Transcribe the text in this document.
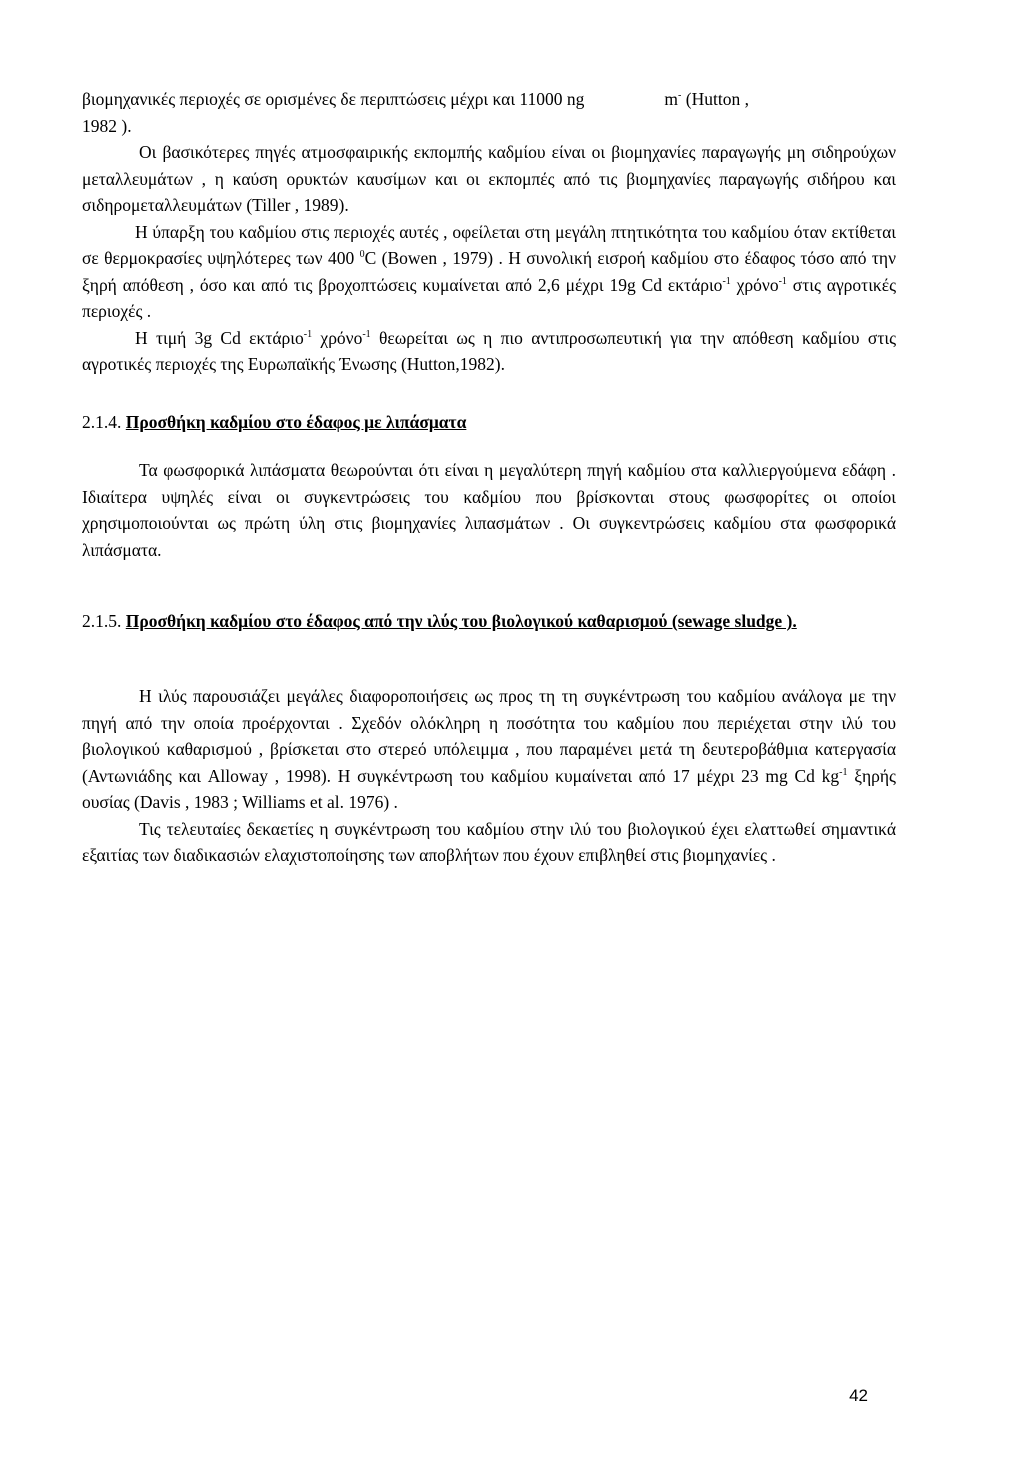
βιομηχανικές περιοχές σε ορισμένες δε περιπτώσεις μέχρι και 11000 ng	m- (Hutton ,

1982 ).

Οι βασικότερες πηγές ατμοσφαιρικής εκπομπής καδμίου είναι οι βιομηχανίες παραγωγής μη σιδηρούχων μεταλλευμάτων , η καύση ορυκτών καυσίμων και οι εκπομπές από τις βιομηχανίες παραγωγής σιδήρου και σιδηρομεταλλευμάτων (Tiller , 1989).

Η ύπαρξη του καδμίου στις περιοχές αυτές , οφείλεται στη μεγάλη πτητικότητα του καδμίου όταν εκτίθεται σε θερμοκρασίες υψηλότερες των 400 $^0$C (Bowen , 1979) . Η συνολική εισροή καδμίου στο έδαφος τόσο από την ξηρή απόθεση , όσο και από τις βροχοπτώσεις κυμαίνεται από 2,6 μέχρι 19g Cd εκτάριο$^{-1}$ χρόνο$^{-1}$ στις αγροτικές περιοχές .

Η τιμή 3g Cd εκτάριο$^{-1}$ χρόνο$^{-1}$ θεωρείται ως η πιο αντιπροσωπευτική για την απόθεση καδμίου στις αγροτικές περιοχές της Ευρωπαϊκής Ένωσης (Hutton,1982).

2.1.4. Προσθήκη καδμίου στο έδαφος με λιπάσματα

Τα φωσφορικά λιπάσματα θεωρούνται ότι είναι η μεγαλύτερη πηγή καδμίου στα καλλιεργούμενα εδάφη . Ιδιαίτερα υψηλές είναι οι συγκεντρώσεις του καδμίου που βρίσκονται στους φωσφορίτες οι οποίοι χρησιμοποιούνται ως πρώτη ύλη στις βιομηχανίες λιπασμάτων . Οι συγκεντρώσεις καδμίου στα φωσφορικά λιπάσματα.

2.1.5. Προσθήκη καδμίου στο έδαφος από την ιλύς του βιολογικού καθαρισμού (sewage sludge ).

Η ιλύς παρουσιάζει μεγάλες διαφοροποιήσεις ως προς τη τη συγκέντρωση του καδμίου ανάλογα με την πηγή από την οποία προέρχονται . Σχεδόν ολόκληρη η ποσότητα του καδμίου που περιέχεται στην ιλύ του βιολογικού καθαρισμού , βρίσκεται στο στερεό υπόλειμμα , που παραμένει μετά τη δευτεροβάθμια κατεργασία (Αντωνιάδης και Alloway , 1998). Η συγκέντρωση του καδμίου κυμαίνεται από 17 μέχρι 23 mg Cd $kg^{-1}$ ξηρής ουσίας (Davis , 1983 ; Williams et al. 1976) .

Τις τελευταίες δεκαετίες η συγκέντρωση του καδμίου στην ιλύ του βιολογικού έχει ελαττωθεί σημαντικά εξαιτίας των διαδικασιών ελαχιστοποίησης των αποβλήτων που έχουν επιβληθεί στις βιομηχανίες .

42
